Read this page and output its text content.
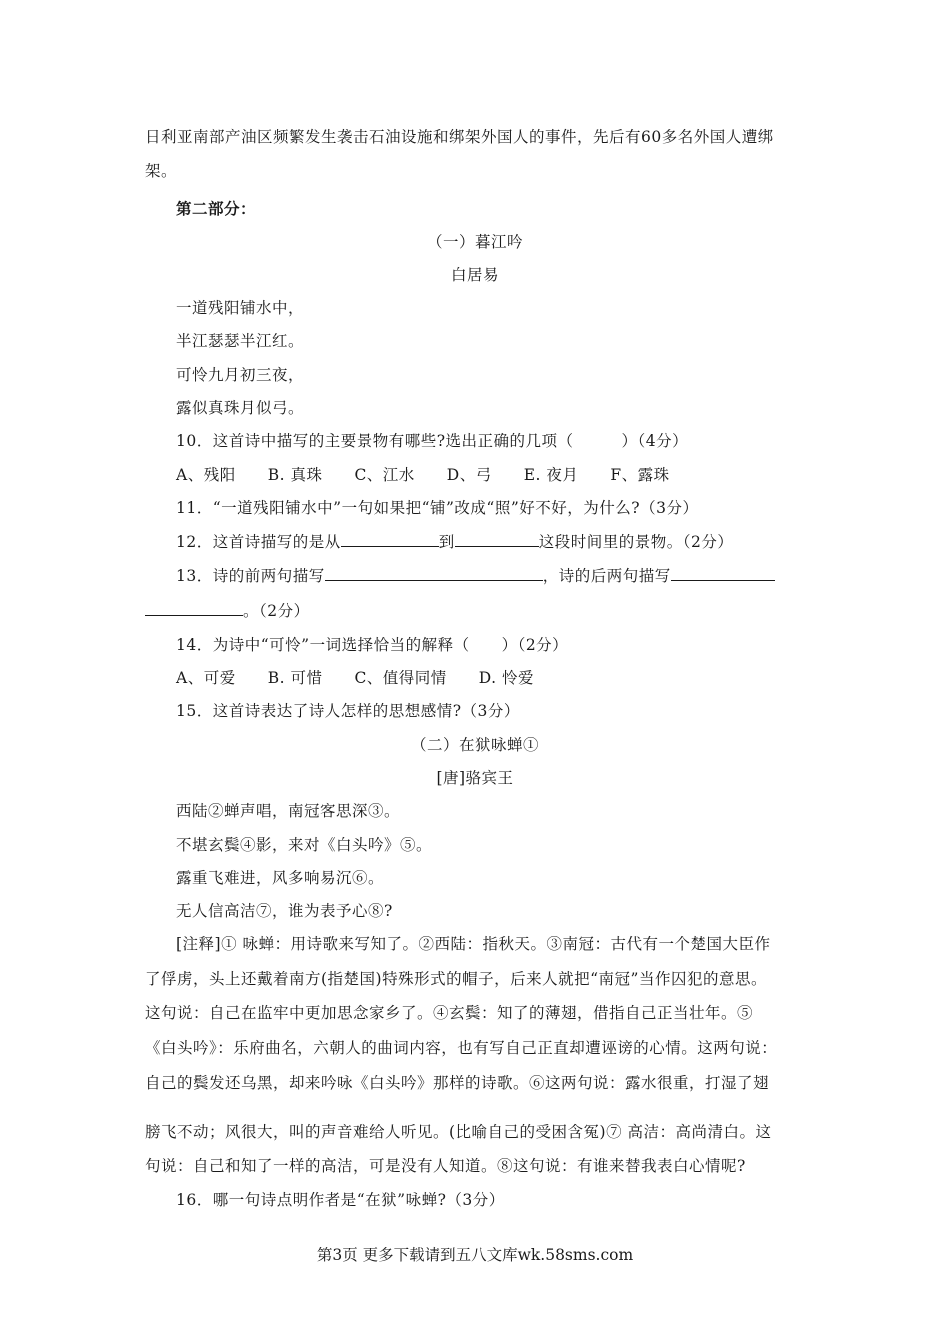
日利亚南部产油区频繁发生袭击石油设施和绑架外国人的事件，先后有60多名外国人遭绑
架。
第二部分：
（一）暮江吟
白居易
一道残阳铺水中，
半江瑟瑟半江红。
可怜九月初三夜，
露似真珠月似弓。
10．这首诗中描写的主要景物有哪些?选出正确的几项（　　　）（4分）
A、残阳　　B. 真珠　　C、江水　　D、弓　　E. 夜月　　F、露珠
11．“一道残阳铺水中”一句如果把“铺”改成“照”好不好，为什么?（3分）
12．这首诗描写的是从	到	这段时间里的景物。（2分）
13．诗的前两句描写	，诗的后两句描写
。（2分）
14．为诗中“可怜”一词选择恰当的解释（　　）（2分）
A、可爱　　B. 可惜　　C、值得同情　　D. 怜爱
15．这首诗表达了诗人怎样的思想感情?（3分）
（二）在狱咏蝉①
[唐]骆宾王
西陆②蝉声唱，南冠客思深③。
不堪玄鬓④影，来对《白头吟》⑤。
露重飞难进，风多响易沉⑥。
无人信高洁⑦，谁为表予心⑧?
[注释]① 咏蝉：用诗歌来写知了。②西陆：指秋天。③南冠：古代有一个楚国大臣作
了俘虏，头上还戴着南方(指楚国)特殊形式的帽子，后来人就把“南冠”当作囚犯的意思。
这句说：自己在监牢中更加思念家乡了。④玄鬓：知了的薄翅，借指自己正当壮年。⑤
《白头吟》：乐府曲名，六朝人的曲词内容，也有写自己正直却遭诬谤的心情。这两句说：
自己的鬓发还乌黑，却来吟咏《白头吟》那样的诗歌。⑥这两句说：露水很重，打湿了翅
膀飞不动；风很大，叫的声音难给人听见。(比喻自己的受困含冤)⑦ 高洁：高尚清白。这
句说：自己和知了一样的高洁，可是没有人知道。⑧这句说：有谁来替我表白心情呢?
16．哪一句诗点明作者是“在狱”咏蝉?（3分）
第3页 更多下载请到五八文库wk.58sms.com
